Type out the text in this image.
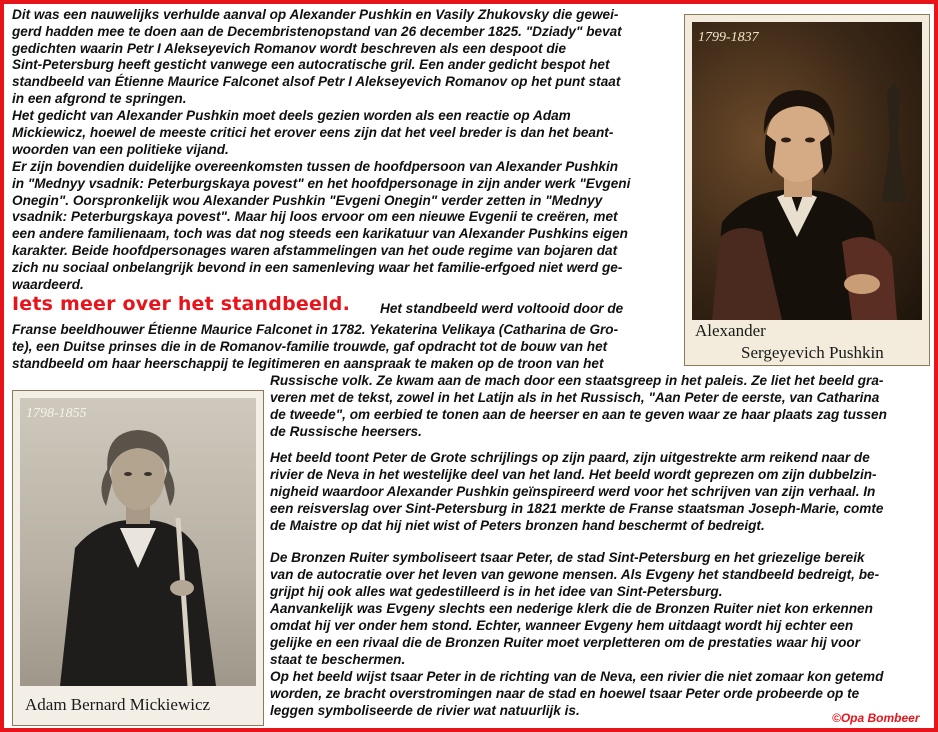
Dit was een nauwelijks verhulde aanval op Alexander Pushkin en Vasily Zhukovsky die gewei-

gerd hadden mee te doen aan de Decembristenopstand van 26 december 1825. "Dziady" bevat

gedichten waarin Petr I Alekseyevich Romanov wordt beschreven als een despoot die

Sint-Petersburg heeft gesticht vanwege een autocratische gril. Een ander gedicht bespot het

standbeeld van Étienne Maurice Falconet alsof Petr I Alekseyevich Romanov op het punt staat

in een afgrond te springen.

Het gedicht van Alexander Pushkin moet deels gezien worden als een reactie op Adam

Mickiewicz, hoewel de meeste critici het erover eens zijn dat het veel breder is dan het beant-

woorden van een politieke vijand.

Er zijn bovendien duidelijke overeenkomsten tussen de hoofdpersoon van Alexander Pushkin

in "Mednyy vsadnik: Peterburgskaya povest" en het hoofdpersonage in zijn ander werk "Evgeni

Onegin". Oorspronkelijk wou Alexander Pushkin "Evgeni Onegin" verder zetten in "Mednyy

vsadnik: Peterburgskaya povest". Maar hij loos ervoor om een nieuwe Evgenii te creëren, met

een andere familienaam, toch was dat nog steeds een karikatuur van Alexander Pushkins eigen

karakter. Beide hoofdpersonages waren afstammelingen van het oude regime van bojaren dat

zich nu sociaal onbelangrijk bevond in een samenleving waar het familie-erfgoed niet werd ge-

waardeerd.

Iets meer over het standbeeld. Het standbeeld werd voltooid door de

Franse beeldhouwer Étienne Maurice Falconet in 1782. Yekaterina Velikaya (Catharina de Gro-

te), een Duitse prinses die in de Romanov-familie trouwde, gaf opdracht tot de bouw van het

standbeeld om haar heerschappij te legitimeren en aanspraak te maken op de troon van het

Russische volk. Ze kwam aan de mach door een staatsgreep in het paleis. Ze liet het beeld gra-

veren met de tekst, zowel in het Latijn als in het Russisch, "Aan Peter de eerste, van Catharina

de tweede", om eerbied te tonen aan de heerser en aan te geven waar ze haar plaats zag tussen

de Russische heersers.

Het beeld toont Peter de Grote schrijlings op zijn paard, zijn uitgestrekte arm reikend naar de

rivier de Neva in het westelijke deel van het land. Het beeld wordt geprezen om zijn dubbelzin-

nigheid waardoor Alexander Pushkin geïnspireerd werd voor het schrijven van zijn verhaal. In

een reisverslag over Sint-Petersburg in 1821 merkte de Franse staatsman Joseph-Marie, comte

de Maistre op dat hij niet wist of Peters bronzen hand beschermt of bedreigt.

De Bronzen Ruiter symboliseert tsaar Peter, de stad Sint-Petersburg en het griezelige bereik

van de autocratie over het leven van gewone mensen. Als Evgeny het standbeeld bedreigt, be-

grijpt hij ook alles wat gedestilleerd is in het idee van Sint-Petersburg.

Aanvankelijk was Evgeny slechts een nederige klerk die de Bronzen Ruiter niet kon erkennen

omdat hij ver onder hem stond. Echter, wanneer Evgeny hem uitdaagt wordt hij echter een

gelijke en een rivaal die de Bronzen Ruiter moet verpletteren om de prestaties waar hij voor

staat te beschermen.

Op het beeld wijst tsaar Peter in de richting van de Neva, een rivier die niet zomaar kon getemd

worden, ze bracht overstromingen naar de stad en hoewel tsaar Peter orde probeerde op te

leggen symboliseerde de rivier wat natuurlijk is.

1799-1837
Alexander
Sergeyevich Pushkin
1798-1855
Adam Bernard Mickiewicz
©Opa Bombeer
